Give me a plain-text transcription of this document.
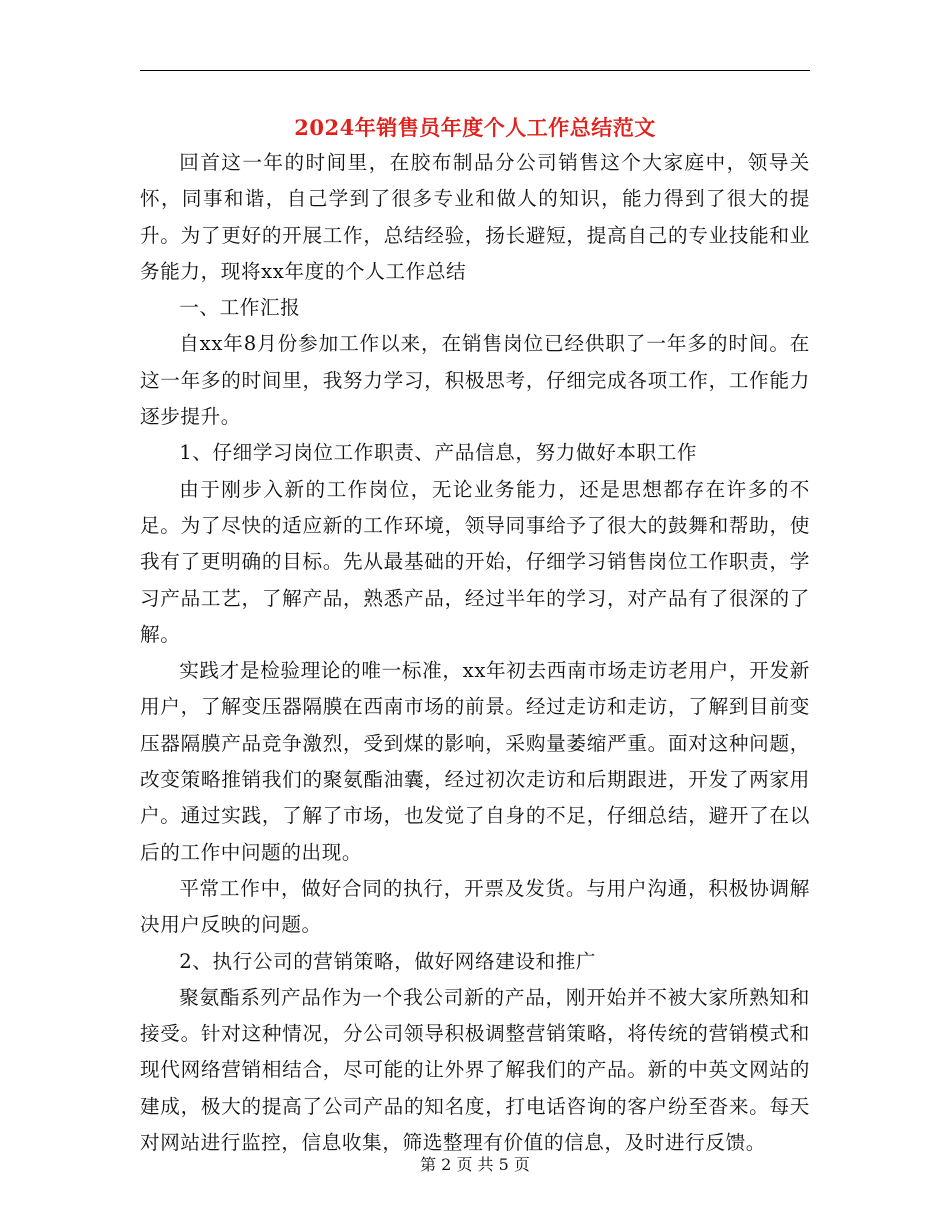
2024年销售员年度个人工作总结范文

回首这一年的时间里，在胶布制品分公司销售这个大家庭中，领导关怀，同事和谐，自己学到了很多专业和做人的知识，能力得到了很大的提升。为了更好的开展工作，总结经验，扬长避短，提高自己的专业技能和业务能力，现将xx年度的个人工作总结

一、工作汇报

自xx年8月份参加工作以来，在销售岗位已经供职了一年多的时间。在这一年多的时间里，我努力学习，积极思考，仔细完成各项工作，工作能力逐步提升。

1、仔细学习岗位工作职责、产品信息，努力做好本职工作

由于刚步入新的工作岗位，无论业务能力，还是思想都存在许多的不足。为了尽快的适应新的工作环境，领导同事给予了很大的鼓舞和帮助，使我有了更明确的目标。先从最基础的开始，仔细学习销售岗位工作职责，学习产品工艺，了解产品，熟悉产品，经过半年的学习，对产品有了很深的了解。

实践才是检验理论的唯一标准，xx年初去西南市场走访老用户，开发新用户，了解变压器隔膜在西南市场的前景。经过走访和走访，了解到目前变压器隔膜产品竞争激烈，受到煤的影响，采购量萎缩严重。面对这种问题，改变策略推销我们的聚氨酯油囊，经过初次走访和后期跟进，开发了两家用户。通过实践，了解了市场，也发觉了自身的不足，仔细总结，避开了在以后的工作中问题的出现。

平常工作中，做好合同的执行，开票及发货。与用户沟通，积极协调解决用户反映的问题。

2、执行公司的营销策略，做好网络建设和推广

聚氨酯系列产品作为一个我公司新的产品，刚开始并不被大家所熟知和接受。针对这种情况，分公司领导积极调整营销策略，将传统的营销模式和现代网络营销相结合，尽可能的让外界了解我们的产品。新的中英文网站的建成，极大的提高了公司产品的知名度，打电话咨询的客户纷至沓来。每天对网站进行监控，信息收集，筛选整理有价值的信息，及时进行反馈。

第 2 页 共 5 页
